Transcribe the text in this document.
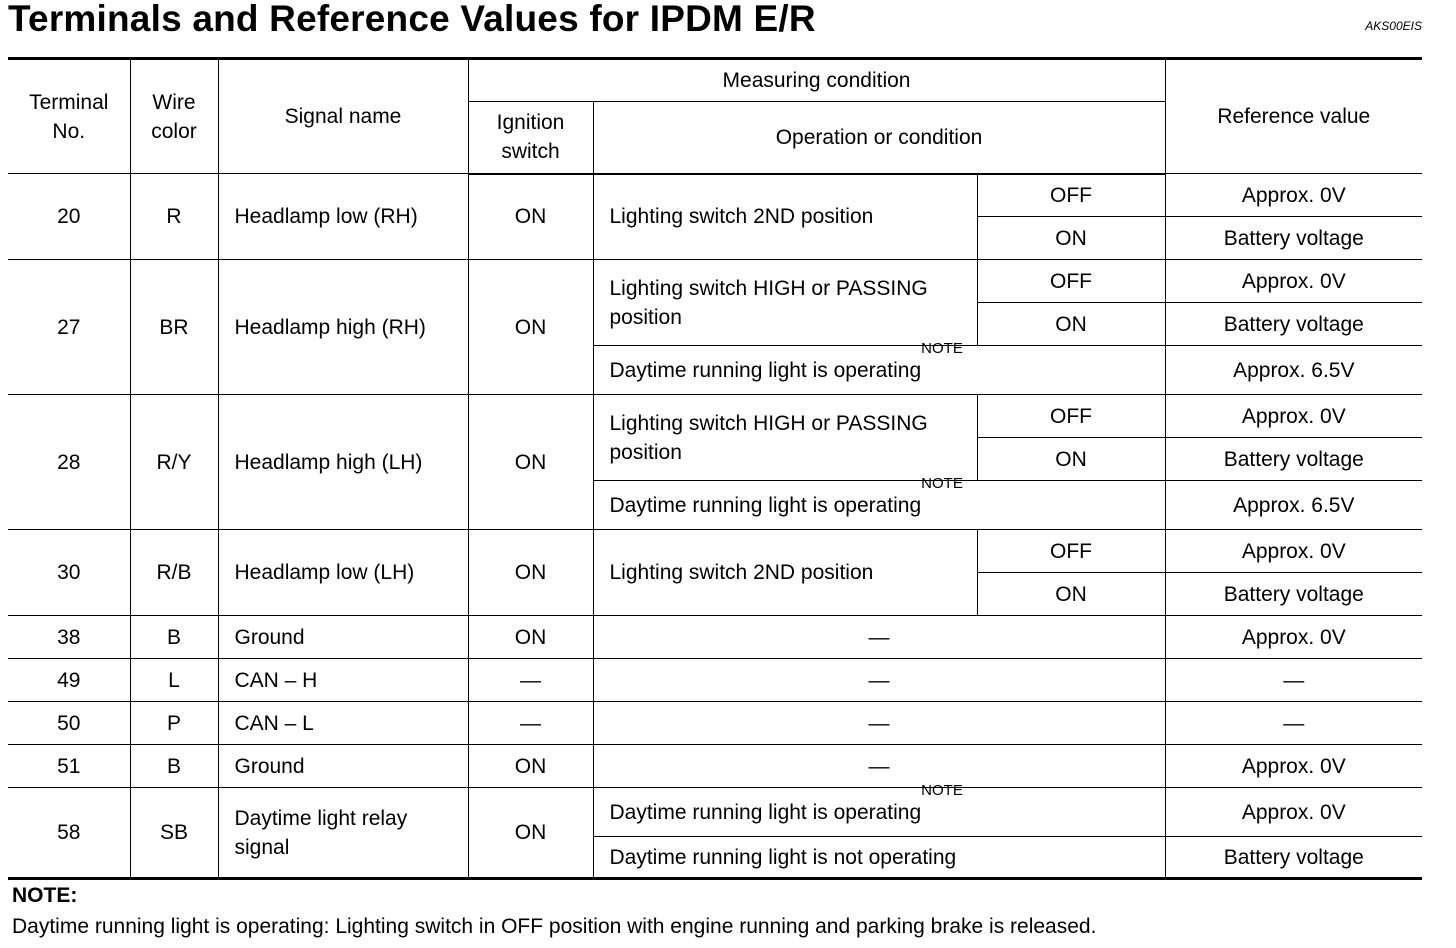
Terminals and Reference Values for IPDM E/R	AKS00EIS
Terminal No.	Wire color	Signal name	Measuring condition			Reference value
			Ignition switch	Operation or condition		
20	R	Headlamp low (RH)	ON	Lighting switch 2ND position	OFF	Approx. 0V
					ON	Battery voltage
27	BR	Headlamp high (RH)	ON	Lighting switch HIGH or PASSING position	OFF	Approx. 0V
					ON	Battery voltage
				Daytime running light is operating$^{NOTE}$		Approx. 6.5V
28	R/Y	Headlamp high (LH)	ON	Lighting switch HIGH or PASSING position	OFF	Approx. 0V
					ON	Battery voltage
				Daytime running light is operating$^{NOTE}$		Approx. 6.5V
30	R/B	Headlamp low (LH)	ON	Lighting switch 2ND position	OFF	Approx. 0V
					ON	Battery voltage
38	B	Ground	ON	—		Approx. 0V
49	L	CAN – H	—	—		—
50	P	CAN – L	—	—		—
51	B	Ground	ON	—		Approx. 0V
58	SB	Daytime light relay signal	ON	Daytime running light is operating$^{NOTE}$		Approx. 0V
				Daytime running light is not operating		Battery voltage
NOTE:
Daytime running light is operating: Lighting switch in OFF position with engine running and parking brake is released.
